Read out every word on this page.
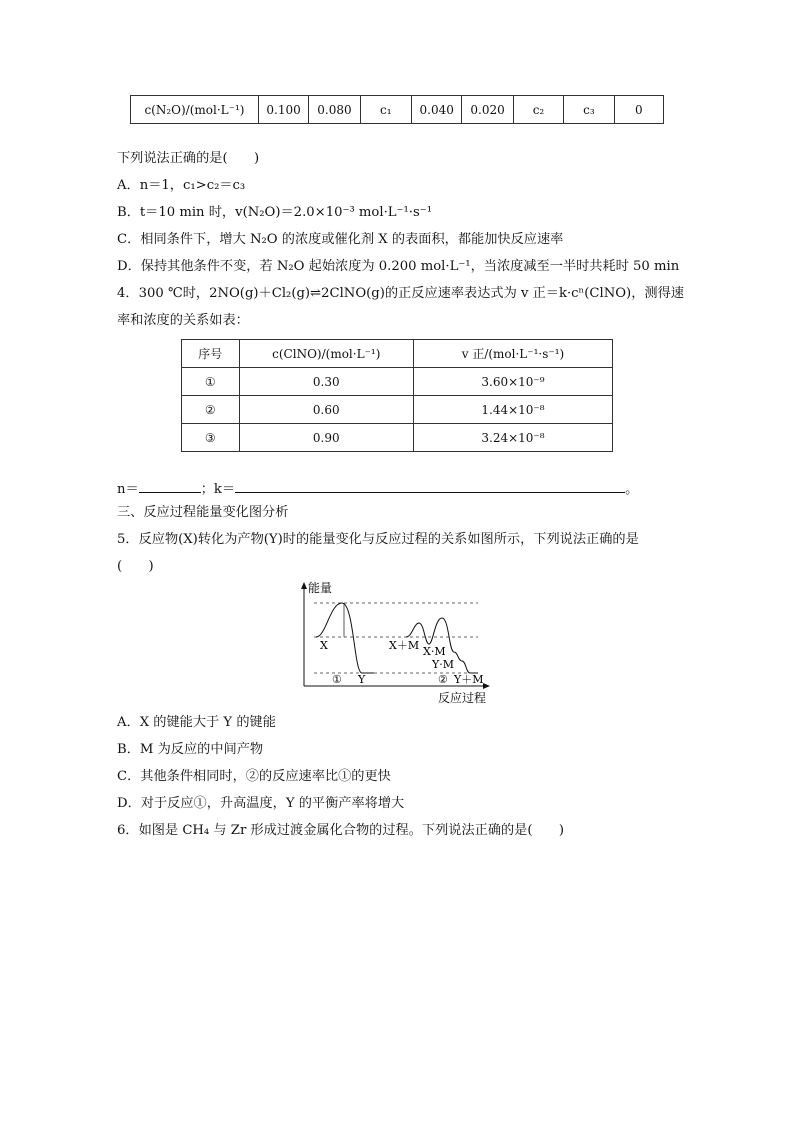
c(N₂O)/(mol·L⁻¹)	0.100	0.080	c₁	0.040	0.020	c₂	c₃	0
下列说法正确的是(　　)
A．n＝1，c₁>c₂＝c₃
B．t＝10 min 时，v(N₂O)＝2.0×10⁻³ mol·L⁻¹·s⁻¹
C．相同条件下，增大 N₂O 的浓度或催化剂 X 的表面积，都能加快反应速率
D．保持其他条件不变，若 N₂O 起始浓度为 0.200 mol·L⁻¹，当浓度减至一半时共耗时 50 min
4．300 ℃时，2NO(g)＋Cl₂(g)⇌2ClNO(g)的正反应速率表达式为 v 正＝k·cⁿ(ClNO)，测得速
率和浓度的关系如表：
序号	c(ClNO)/(mol·L⁻¹)	v 正/(mol·L⁻¹·s⁻¹)
①	0.30	3.60×10⁻⁹
②	0.60	1.44×10⁻⁸
③	0.90	3.24×10⁻⁸
n＝	；k＝	。
三、反应过程能量变化图分析
5．反应物(X)转化为产物(Y)时的能量变化与反应过程的关系如图所示，下列说法正确的是
(　　)
能量
反应过程
X
Y
①
X＋M X·M
Y·M
② Y＋M
A．X 的键能大于 Y 的键能
B．M 为反应的中间产物
C．其他条件相同时，②的反应速率比①的更快
D．对于反应①，升高温度，Y 的平衡产率将增大
6．如图是 CH₄ 与 Zr 形成过渡金属化合物的过程。下列说法正确的是(　　)
